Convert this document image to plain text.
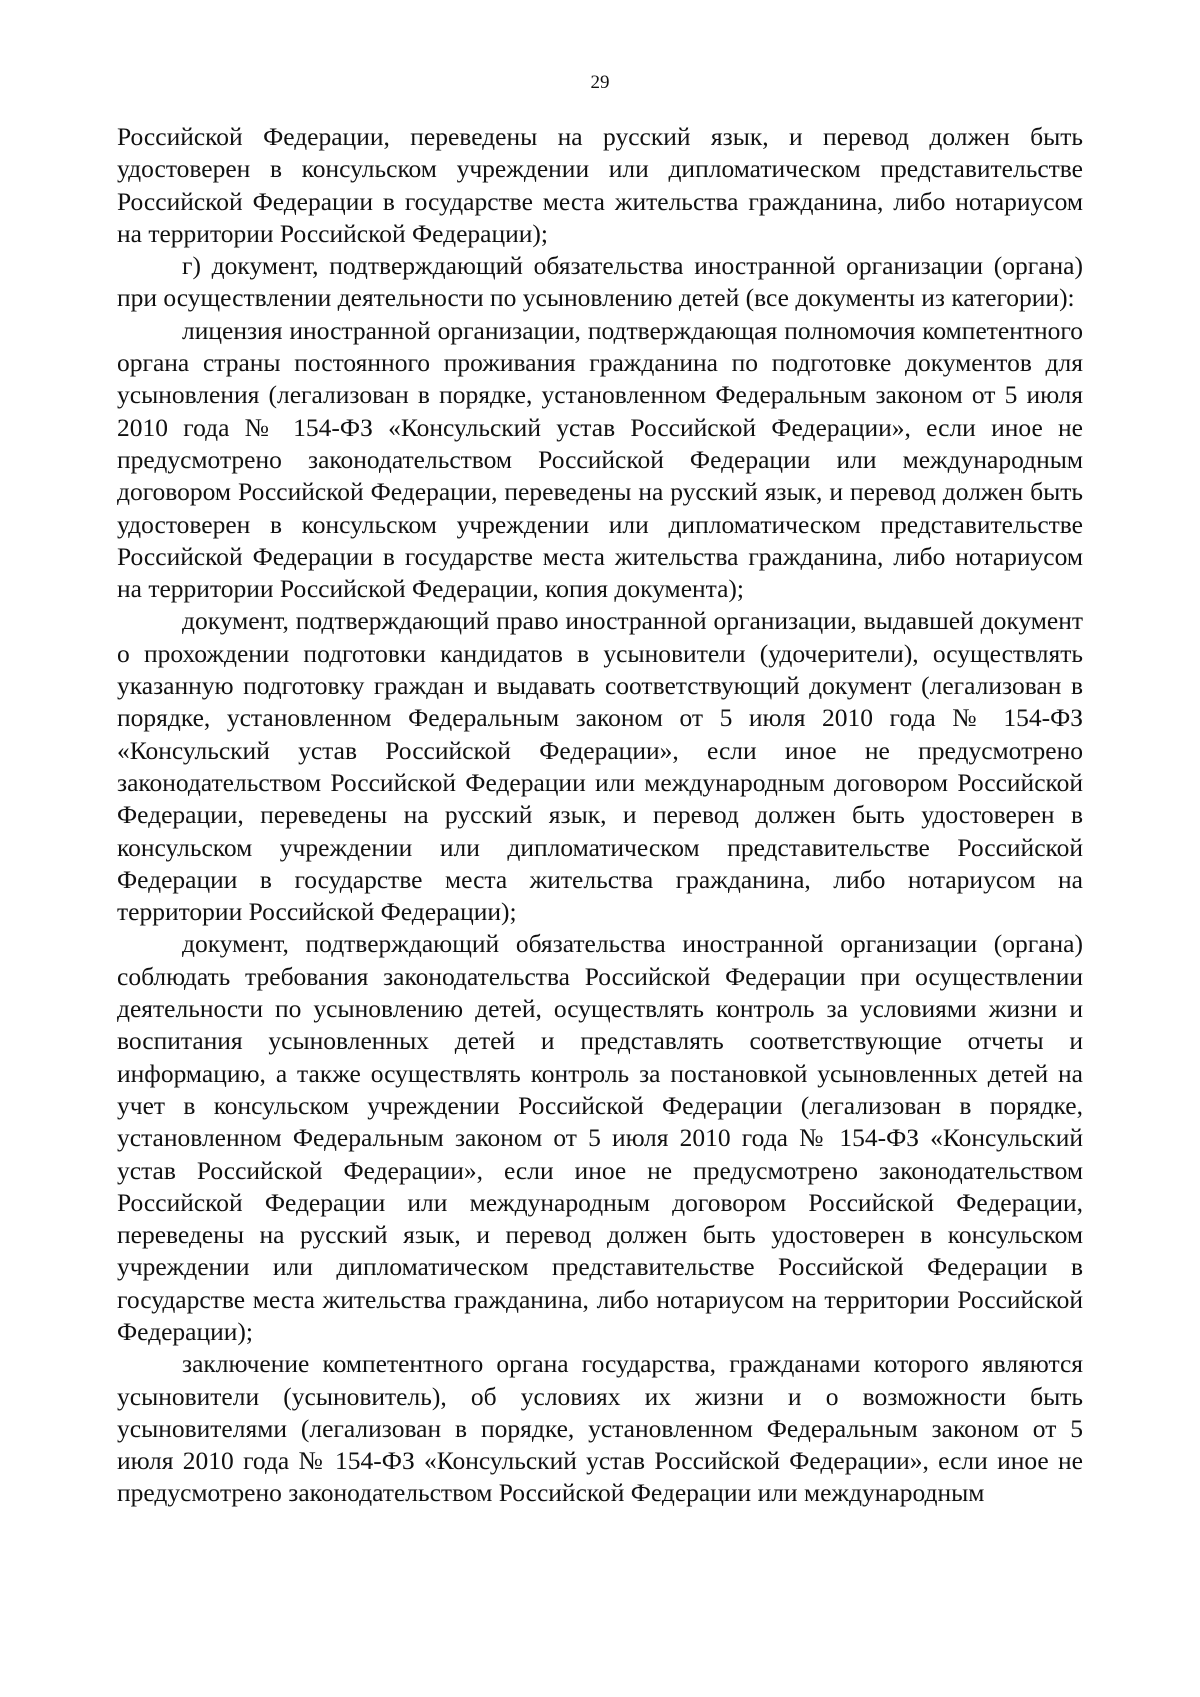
29

Российской Федерации, переведены на русский язык, и перевод должен быть удостоверен в консульском учреждении или дипломатическом представительстве Российской Федерации в государстве места жительства гражданина, либо нотариусом на территории Российской Федерации);

г) документ, подтверждающий обязательства иностранной организации (органа) при осуществлении деятельности по усыновлению детей (все документы из категории):

лицензия иностранной организации, подтверждающая полномочия компетентного органа страны постоянного проживания гражданина по подготовке документов для усыновления (легализован в порядке, установленном Федеральным законом от 5 июля 2010 года № 154-ФЗ «Консульский устав Российской Федерации», если иное не предусмотрено законодательством Российской Федерации или международным договором Российской Федерации, переведены на русский язык, и перевод должен быть удостоверен в консульском учреждении или дипломатическом представительстве Российской Федерации в государстве места жительства гражданина, либо нотариусом на территории Российской Федерации, копия документа);

документ, подтверждающий право иностранной организации, выдавшей документ о прохождении подготовки кандидатов в усыновители (удочерители), осуществлять указанную подготовку граждан и выдавать соответствующий документ (легализован в порядке, установленном Федеральным законом от 5 июля 2010 года № 154-ФЗ «Консульский устав Российской Федерации», если иное не предусмотрено законодательством Российской Федерации или международным договором Российской Федерации, переведены на русский язык, и перевод должен быть удостоверен в консульском учреждении или дипломатическом представительстве Российской Федерации в государстве места жительства гражданина, либо нотариусом на территории Российской Федерации);

документ, подтверждающий обязательства иностранной организации (органа) соблюдать требования законодательства Российской Федерации при осуществлении деятельности по усыновлению детей, осуществлять контроль за условиями жизни и воспитания усыновленных детей и представлять соответствующие отчеты и информацию, а также осуществлять контроль за постановкой усыновленных детей на учет в консульском учреждении Российской Федерации (легализован в порядке, установленном Федеральным законом от 5 июля 2010 года № 154-ФЗ «Консульский устав Российской Федерации», если иное не предусмотрено законодательством Российской Федерации или международным договором Российской Федерации, переведены на русский язык, и перевод должен быть удостоверен в консульском учреждении или дипломатическом представительстве Российской Федерации в государстве места жительства гражданина, либо нотариусом на территории Российской Федерации);

заключение компетентного органа государства, гражданами которого являются усыновители (усыновитель), об условиях их жизни и о возможности быть усыновителями (легализован в порядке, установленном Федеральным законом от 5 июля 2010 года № 154-ФЗ «Консульский устав Российской Федерации», если иное не предусмотрено законодательством Российской Федерации или международным
